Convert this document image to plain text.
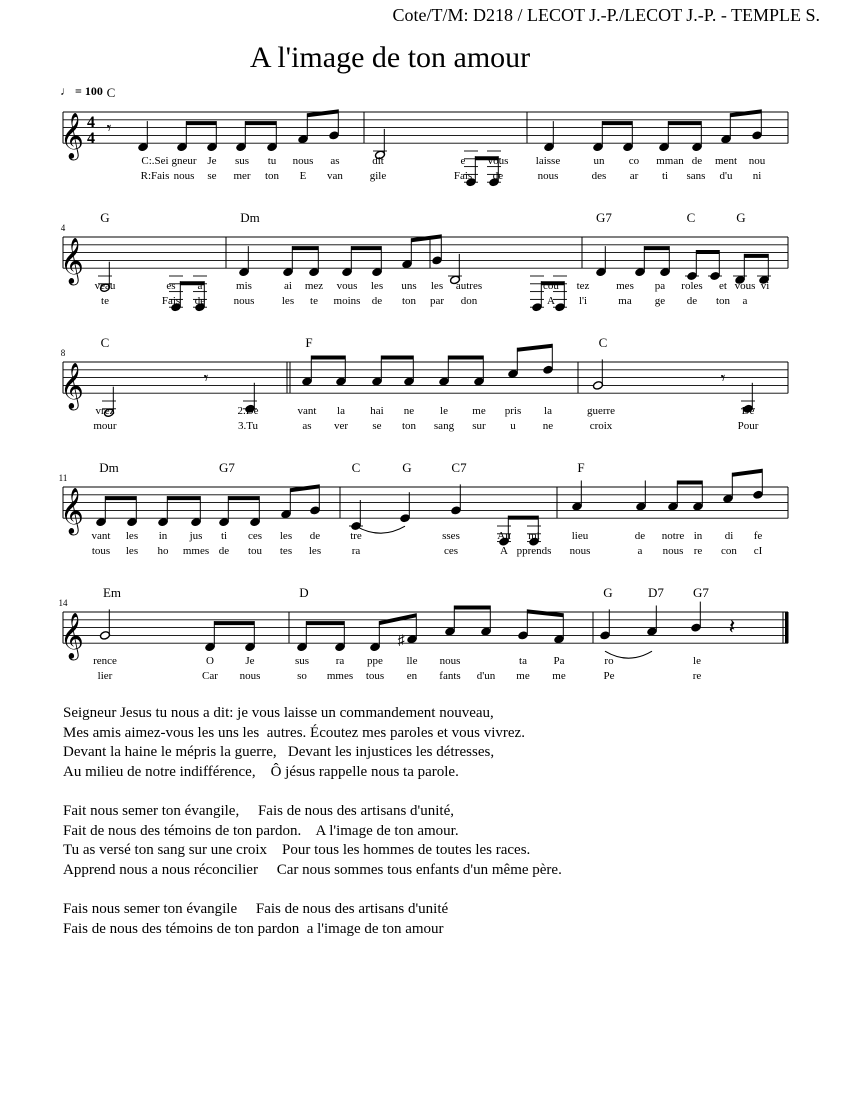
Cote/T/M: D218 / LECOT J.-P./LECOT J.-P. - TEMPLE S.
A l'image de ton amour
♩ = 100
𝄞 4
4
C
𝄾
C:.Sei gneur Je sus tu nous as	dit	e vous laisse	un co mman de ment nou
R:Fais nous se mer ton E van gile	Fais de	nous	des ar ti sans d'u ni
𝄞
4
G	Dm	G7	C	G
veau	es a	mis	ai mez vous les uns les autres	cou tez mes pa roles et vous vi
te	Fais de	nous les te moins de ton par don	A l'i	ma ge de ton a
𝄞
8
C	F	C
𝄾	𝄾
vrez	2.De	vant la hai ne le me pris la	guerre	De
mour	3.Tu	as ver se ton sang sur u ne	croix	Pour
𝄞
11
Dm	G7	C	G	C7	F
vant les in jus ti ces les de	tre	sses	Au mi	lieu	de notre in di fe
tous les ho mmes de tou tes les	ra	ces	A pprends nous	a nous re con cI
𝄞
14
Em	D	G	D7 G7
♯
𝄽
rence	O	Je	sus ra ppe lle nous	ta Pa	ro	le
lier	Car nous	so mmes tous en fants d'un me me	Pe	re
Seigneur Jesus tu nous a dit: je vous laisse un commandement nouveau,
Mes amis aimez-vous les uns les  autres. Écoutez mes paroles et vous vivrez.
Devant la haine le mépris la guerre,   Devant les injustices les détresses,
Au milieu de notre indifférence,    Ô jésus rappelle nous ta parole.
Fait nous semer ton évangile,     Fais de nous des artisans d'unité,
Fait de nous des témoins de ton pardon.    A l'image de ton amour.
Tu as versé ton sang sur une croix    Pour tous les hommes de toutes les races.
Apprend nous a nous réconcilier     Car nous sommes tous enfants d'un même père.
Fais nous semer ton évangile     Fais de nous des artisans d'unité
Fais de nous des témoins de ton pardon  a l'image de ton amour
